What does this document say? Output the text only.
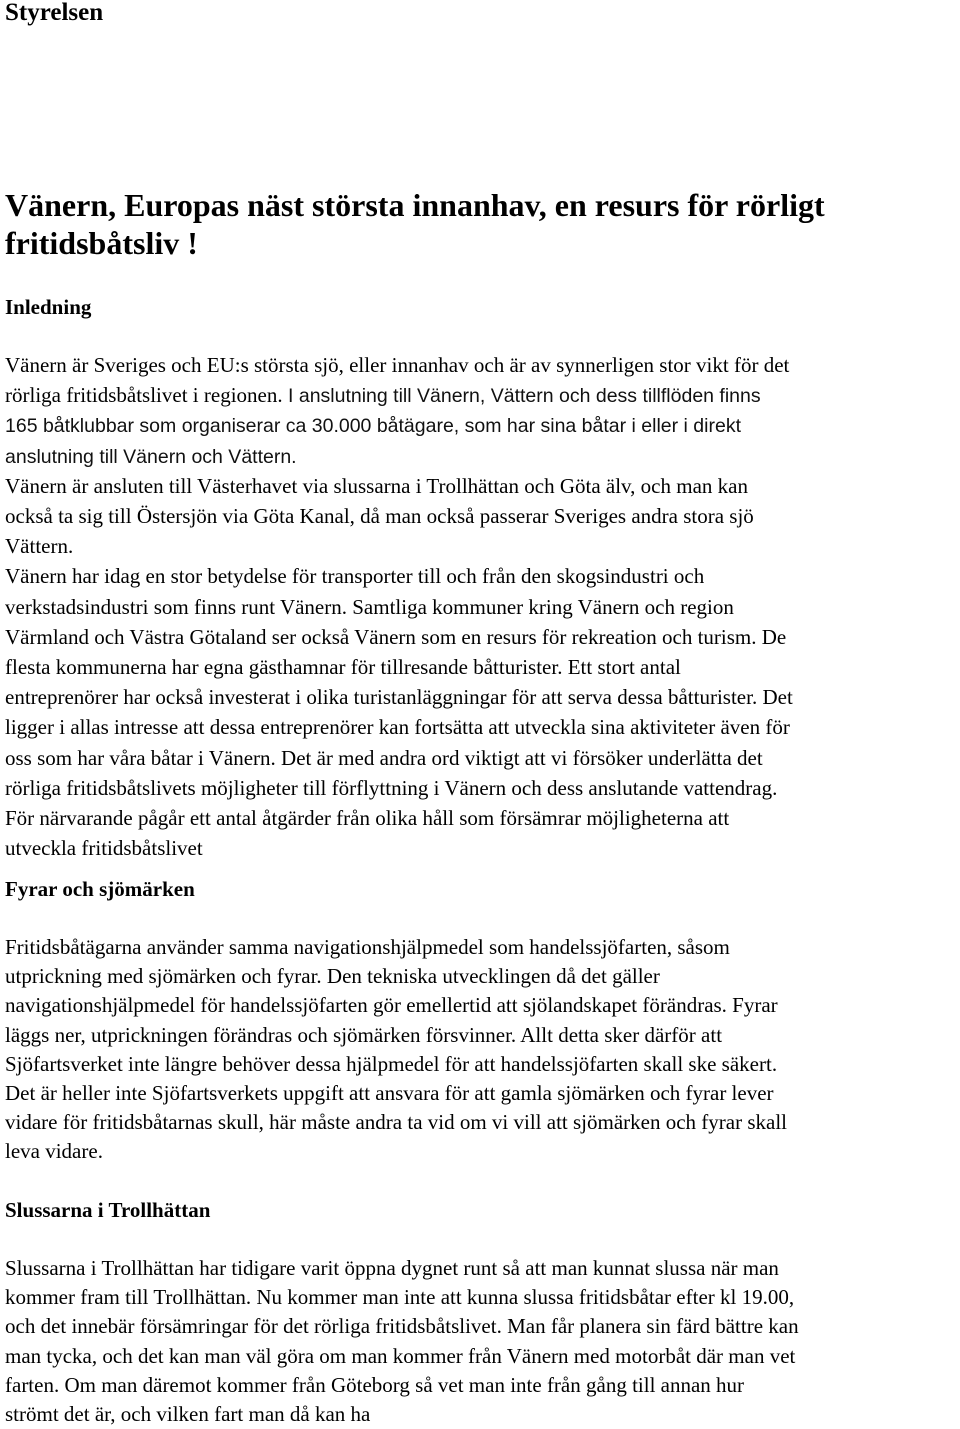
Styrelsen
Vänern, Europas näst största innanhav, en resurs för rörligt fritidsbåtsliv !
Inledning
Vänern är Sveriges och EU:s största sjö, eller innanhav och är av synnerligen stor vikt för det
rörliga fritidsbåtslivet i regionen. I anslutning till Vänern, Vättern och dess tillflöden finns
165 båtklubbar som organiserar ca 30.000 båtägare, som har sina båtar i eller i direkt
anslutning till Vänern och Vättern.
Vänern är ansluten till Västerhavet via slussarna i Trollhättan och Göta älv, och man kan
också ta sig till Östersjön via Göta Kanal, då man också passerar Sveriges andra stora sjö
Vättern.
Vänern har idag en stor betydelse för transporter till och från den skogsindustri och
verkstadsindustri som finns runt Vänern. Samtliga kommuner kring Vänern och region
Värmland och Västra Götaland ser också Vänern som en resurs för rekreation och turism. De
flesta kommunerna har egna gästhamnar för tillresande båtturister. Ett stort antal
entreprenörer har också investerat i olika turistanläggningar för att serva dessa båtturister. Det
ligger i allas intresse att dessa entreprenörer kan fortsätta att utveckla sina aktiviteter även för
oss som har våra båtar i Vänern. Det är med andra ord viktigt att vi försöker underlätta det
rörliga fritidsbåtslivets möjligheter till förflyttning i Vänern och dess anslutande vattendrag.
För närvarande pågår ett antal åtgärder från olika håll som försämrar möjligheterna att
utveckla fritidsbåtslivet
Fyrar och sjömärken
Fritidsbåtägarna använder samma navigationshjälpmedel som handelssjöfarten, såsom
utprickning med sjömärken och fyrar. Den tekniska utvecklingen då det gäller
navigationshjälpmedel för handelssjöfarten gör emellertid att sjölandskapet förändras. Fyrar
läggs ner, utprickningen förändras och sjömärken försvinner. Allt detta sker därför att
Sjöfartsverket inte längre behöver dessa hjälpmedel för att handelssjöfarten skall ske säkert.
Det är heller inte Sjöfartsverkets uppgift att ansvara för att gamla sjömärken och fyrar lever
vidare för fritidsbåtarnas skull, här måste andra ta vid om vi vill att sjömärken och fyrar skall
leva vidare.
Slussarna i Trollhättan
Slussarna i Trollhättan har tidigare varit öppna dygnet runt så att man kunnat slussa när man
kommer fram till Trollhättan. Nu kommer man inte att kunna slussa fritidsbåtar efter kl 19.00,
och det innebär försämringar för det rörliga fritidsbåtslivet. Man får planera sin färd bättre kan
man tycka, och det kan man väl göra om man kommer från Vänern med motorbåt där man vet
farten. Om man däremot kommer från Göteborg så vet man inte från gång till annan hur
strömt det är, och vilken fart man då kan ha
